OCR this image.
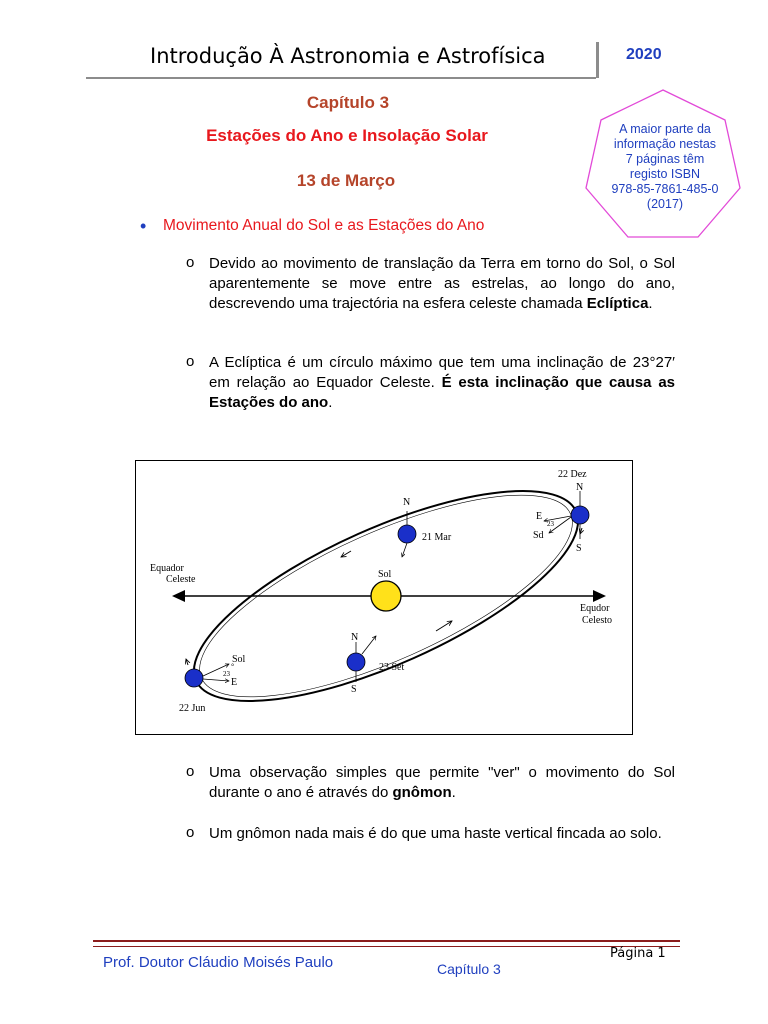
Introdução À Astronomia e Astrofísica	2020
Capítulo 3
Estações do Ano e Insolação Solar
13 de Março
A maior parte da
informação nestas
7 páginas têm
registo ISBN
978-85-7861-485-0
(2017)
• Movimento Anual do Sol e as Estações do Ano
o Devido ao movimento de translação da Terra em torno do Sol, o Sol aparentemente se move entre as estrelas, ao longo do ano, descrevendo uma trajectória na esfera celeste chamada Eclíptica.
o A Eclíptica é um círculo máximo que tem uma inclinação de 23°27′ em relação ao Equador Celeste. É esta inclinação que causa as Estações do ano.
Sol
N
21 Mar
22 Dez
N
S
E
Sd
23
Sol
E
23
°
22 Jun
N
S
23 Set
Equador
Celeste
Equdor
Celesto
o Uma observação simples que permite "ver" o movimento do Sol durante o ano é através do gnômon.
o Um gnômon nada mais é do que uma haste vertical fincada ao solo.
Prof. Doutor Cláudio Moisés Paulo
Página 1
Capítulo 3
